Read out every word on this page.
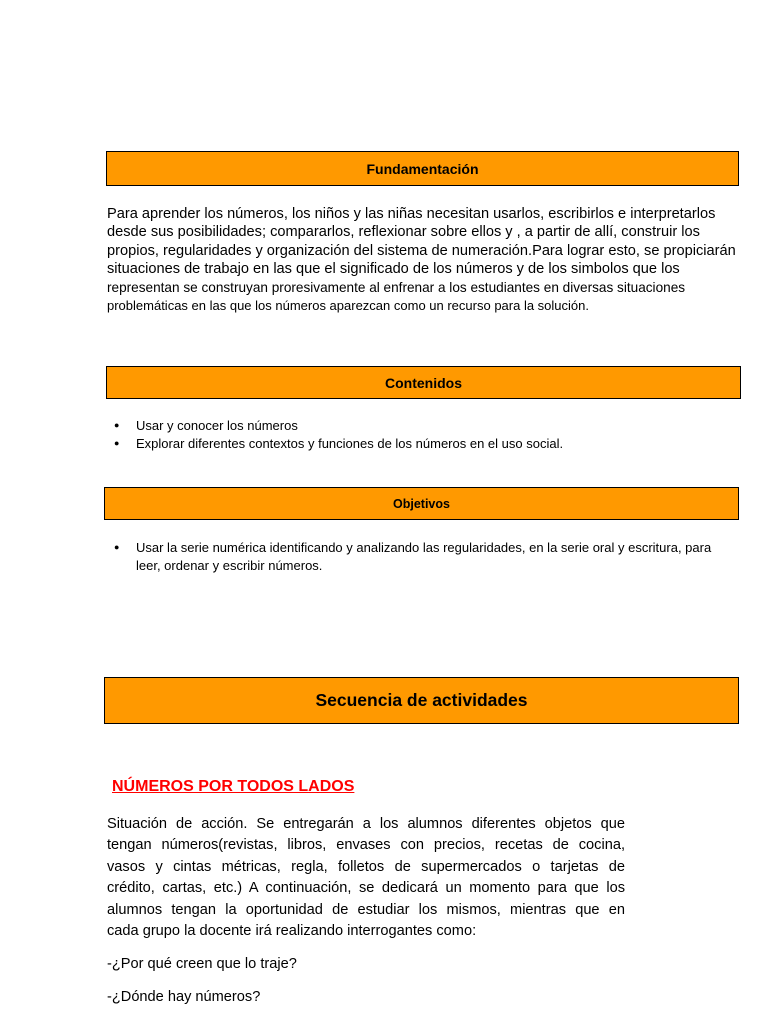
Fundamentación
Para aprender los números, los niños y las niñas necesitan usarlos, escribirlos e interpretarlos
desde sus posibilidades; compararlos, reflexionar sobre ellos y , a partir de allí, construir los
propios, regularidades y organización del sistema de numeración.Para lograr esto, se propiciarán
situaciones de trabajo en las que el significado de los números y de los simbolos que los
representan se construyan proresivamente al enfrenar a los estudiantes en diversas situaciones
problemáticas en las que los números aparezcan como un recurso para la solución.
Contenidos
● Usar y conocer los números
● Explorar diferentes contextos y funciones de los números en el uso social.
Objetivos
● Usar la serie numérica identificando y analizando las regularidades, en la serie oral y escritura, para
leer, ordenar y escribir números.
Secuencia de actividades
NÚMEROS POR TODOS LADOS
Situación de acción. Se entregarán a los alumnos diferentes objetos que
tengan números(revistas, libros, envases con precios, recetas de cocina,
vasos y cintas métricas, regla, folletos de supermercados o tarjetas de
crédito, cartas, etc.) A continuación, se dedicará un momento para que los
alumnos tengan la oportunidad de estudiar los mismos, mientras que en
cada grupo la docente irá realizando interrogantes como:
-¿Por qué creen que lo traje?
-¿Dónde hay números?
